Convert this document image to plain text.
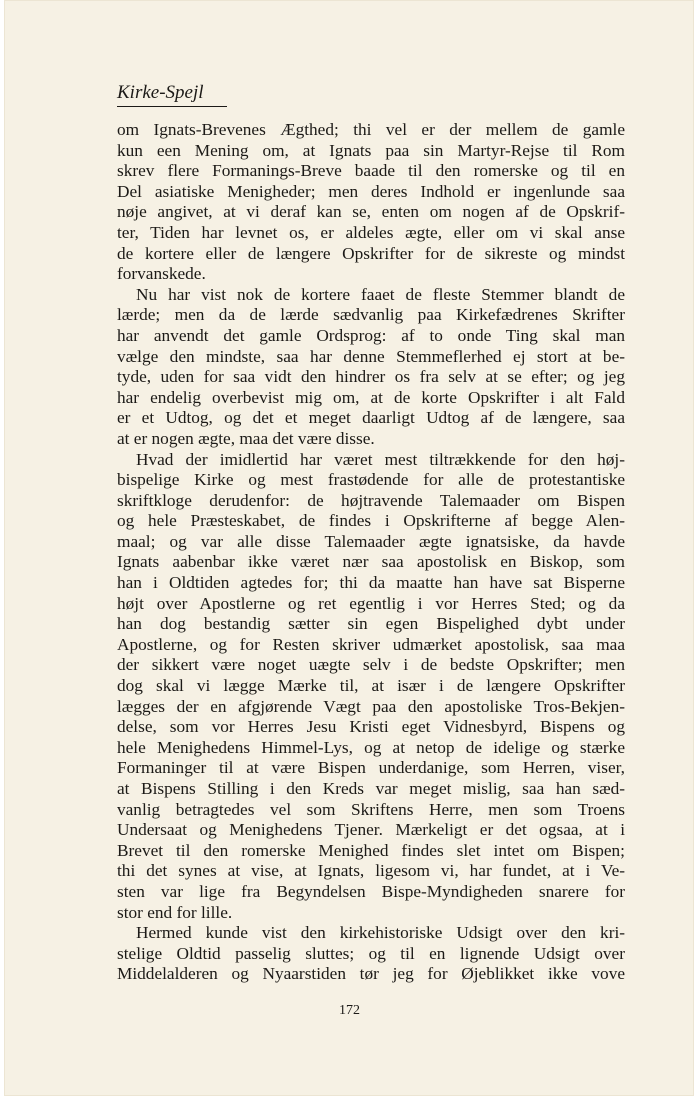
Kirke-Spejl
om Ignats-Brevenes Ægthed; thi vel er der mellem de gamle
kun een Mening om, at Ignats paa sin Martyr-Rejse til Rom
skrev flere Formanings-Breve baade til den romerske og til en
Del asiatiske Menigheder; men deres Indhold er ingenlunde saa
nøje angivet, at vi deraf kan se, enten om nogen af de Opskrif-
ter, Tiden har levnet os, er aldeles ægte, eller om vi skal anse
de kortere eller de længere Opskrifter for de sikreste og mindst
forvanskede.
Nu har vist nok de kortere faaet de fleste Stemmer blandt de
lærde; men da de lærde sædvanlig paa Kirkefædrenes Skrifter
har anvendt det gamle Ordsprog: af to onde Ting skal man
vælge den mindste, saa har denne Stemmeflerhed ej stort at be-
tyde, uden for saa vidt den hindrer os fra selv at se efter; og jeg
har endelig overbevist mig om, at de korte Opskrifter i alt Fald
er et Udtog, og det et meget daarligt Udtog af de længere, saa
at er nogen ægte, maa det være disse.
Hvad der imidlertid har været mest tiltrækkende for den høj-
bispelige Kirke og mest frastødende for alle de protestantiske
skriftkloge derudenfor: de højtravende Talemaader om Bispen
og hele Præsteskabet, de findes i Opskrifterne af begge Alen-
maal; og var alle disse Talemaader ægte ignatsiske, da havde
Ignats aabenbar ikke været nær saa apostolisk en Biskop, som
han i Oldtiden agtedes for; thi da maatte han have sat Bisperne
højt over Apostlerne og ret egentlig i vor Herres Sted; og da
han dog bestandig sætter sin egen Bispelighed dybt under
Apostlerne, og for Resten skriver udmærket apostolisk, saa maa
der sikkert være noget uægte selv i de bedste Opskrifter; men
dog skal vi lægge Mærke til, at især i de længere Opskrifter
lægges der en afgjørende Vægt paa den apostoliske Tros-Bekjen-
delse, som vor Herres Jesu Kristi eget Vidnesbyrd, Bispens og
hele Menighedens Himmel-Lys, og at netop de idelige og stærke
Formaninger til at være Bispen underdanige, som Herren, viser,
at Bispens Stilling i den Kreds var meget mislig, saa han sæd-
vanlig betragtedes vel som Skriftens Herre, men som Troens
Undersaat og Menighedens Tjener. Mærkeligt er det ogsaa, at i
Brevet til den romerske Menighed findes slet intet om Bispen;
thi det synes at vise, at Ignats, ligesom vi, har fundet, at i Ve-
sten var lige fra Begyndelsen Bispe-Myndigheden snarere for
stor end for lille.
Hermed kunde vist den kirkehistoriske Udsigt over den kri-
stelige Oldtid passelig sluttes; og til en lignende Udsigt over
Middelalderen og Nyaarstiden tør jeg for Øjeblikket ikke vove
172
